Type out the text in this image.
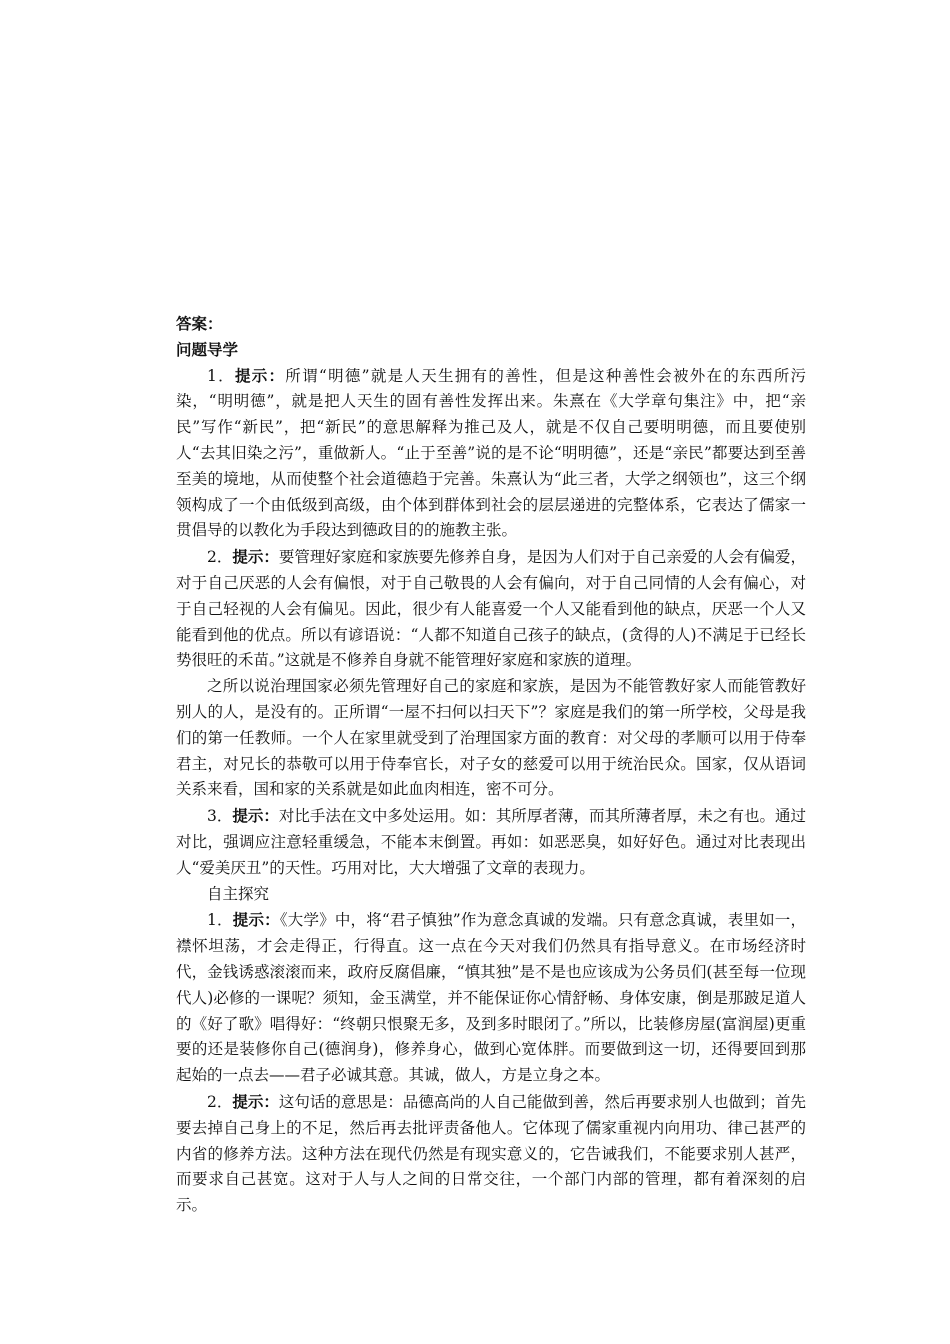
答案：

问题导学

1．提示：所谓“明德”就是人天生拥有的善性，但是这种善性会被外在的东西所污染，“明明德”，就是把人天生的固有善性发挥出来。朱熹在《大学章句集注》中，把“亲民”写作“新民”，把“新民”的意思解释为推己及人，就是不仅自己要明明德，而且要使别人“去其旧染之污”，重做新人。“止于至善”说的是不论“明明德”，还是“亲民”都要达到至善至美的境地，从而使整个社会道德趋于完善。朱熹认为“此三者，大学之纲领也”，这三个纲领构成了一个由低级到高级，由个体到群体到社会的层层递进的完整体系，它表达了儒家一贯倡导的以教化为手段达到德政目的的施教主张。

2．提示：要管理好家庭和家族要先修养自身，是因为人们对于自己亲爱的人会有偏爱，对于自己厌恶的人会有偏恨，对于自己敬畏的人会有偏向，对于自己同情的人会有偏心，对于自己轻视的人会有偏见。因此，很少有人能喜爱一个人又能看到他的缺点，厌恶一个人又能看到他的优点。所以有谚语说：“人都不知道自己孩子的缺点，(贪得的人)不满足于已经长势很旺的禾苗。”这就是不修养自身就不能管理好家庭和家族的道理。

之所以说治理国家必须先管理好自己的家庭和家族，是因为不能管教好家人而能管教好别人的人，是没有的。正所谓“一屋不扫何以扫天下”？家庭是我们的第一所学校，父母是我们的第一任教师。一个人在家里就受到了治理国家方面的教育：对父母的孝顺可以用于侍奉君主，对兄长的恭敬可以用于侍奉官长，对子女的慈爱可以用于统治民众。国家，仅从语词关系来看，国和家的关系就是如此血肉相连，密不可分。

3．提示：对比手法在文中多处运用。如：其所厚者薄，而其所薄者厚，未之有也。通过对比，强调应注意轻重缓急，不能本末倒置。再如：如恶恶臭，如好好色。通过对比表现出人“爱美厌丑”的天性。巧用对比，大大增强了文章的表现力。

自主探究

1．提示：《大学》中，将“君子慎独”作为意念真诚的发端。只有意念真诚，表里如一，襟怀坦荡，才会走得正，行得直。这一点在今天对我们仍然具有指导意义。在市场经济时代，金钱诱惑滚滚而来，政府反腐倡廉，“慎其独”是不是也应该成为公务员们(甚至每一位现代人)必修的一课呢？须知，金玉满堂，并不能保证你心情舒畅、身体安康，倒是那跛足道人的《好了歌》唱得好：“终朝只恨聚无多，及到多时眼闭了。”所以，比装修房屋(富润屋)更重要的还是装修你自己(德润身)，修养身心，做到心宽体胖。而要做到这一切，还得要回到那起始的一点去——君子必诚其意。其诚，做人，方是立身之本。

2．提示：这句话的意思是：品德高尚的人自己能做到善，然后再要求别人也做到；首先要去掉自己身上的不足，然后再去批评责备他人。它体现了儒家重视内向用功、律己甚严的内省的修养方法。这种方法在现代仍然是有现实意义的，它告诫我们，不能要求别人甚严，而要求自己甚宽。这对于人与人之间的日常交往，一个部门内部的管理，都有着深刻的启示。
